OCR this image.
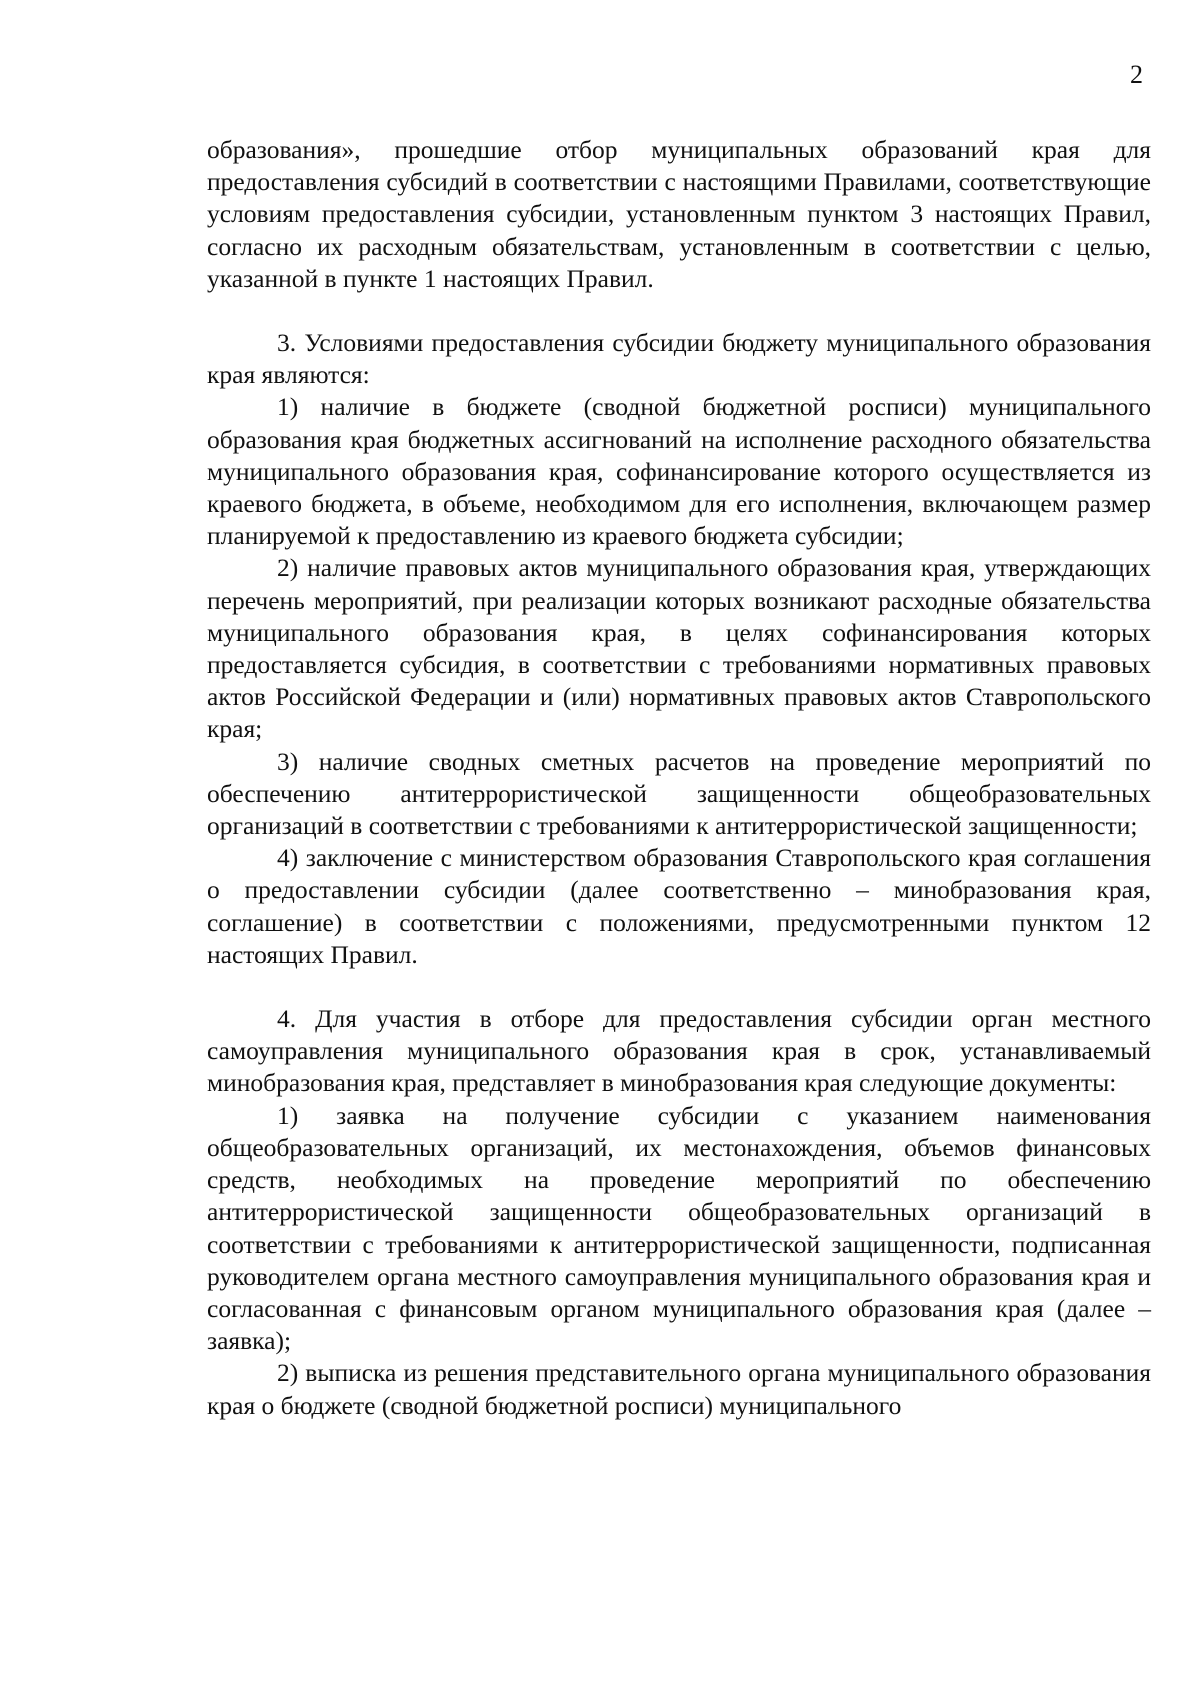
2

образования», прошедшие отбор муниципальных образований края для предоставления субсидий в соответствии с настоящими Правилами, соответствующие условиям предоставления субсидии, установленным пунктом 3 настоящих Правил, согласно их расходным обязательствам, установленным в соответствии с целью, указанной в пункте 1 настоящих Правил.

3. Условиями предоставления субсидии бюджету муниципального образования края являются:

1) наличие в бюджете (сводной бюджетной росписи) муниципального образования края бюджетных ассигнований на исполнение расходного обязательства муниципального образования края, софинансирование которого осуществляется из краевого бюджета, в объеме, необходимом для его исполнения, включающем размер планируемой к предоставлению из краевого бюджета субсидии;

2) наличие правовых актов муниципального образования края, утверждающих перечень мероприятий, при реализации которых возникают расходные обязательства муниципального образования края, в целях софинансирования которых предоставляется субсидия, в соответствии с требованиями нормативных правовых актов Российской Федерации и (или) нормативных правовых актов Ставропольского края;

3) наличие сводных сметных расчетов на проведение мероприятий по обеспечению антитеррористической защищенности общеобразовательных организаций в соответствии с требованиями к антитеррористической защищенности;

4) заключение с министерством образования Ставропольского края соглашения о предоставлении субсидии (далее соответственно – минобразования края, соглашение) в соответствии с положениями, предусмотренными пунктом 12 настоящих Правил.

4. Для участия в отборе для предоставления субсидии орган местного самоуправления муниципального образования края в срок, устанавливаемый минобразования края, представляет в минобразования края следующие документы:

1) заявка на получение субсидии с указанием наименования общеобразовательных организаций, их местонахождения, объемов финансовых средств, необходимых на проведение мероприятий по обеспечению антитеррористической защищенности общеобразовательных организаций в соответствии с требованиями к антитеррористической защищенности, подписанная руководителем органа местного самоуправления муниципального образования края и согласованная с финансовым органом муниципального образования края (далее – заявка);

2) выписка из решения представительного органа муниципального образования края о бюджете (сводной бюджетной росписи) муниципального
